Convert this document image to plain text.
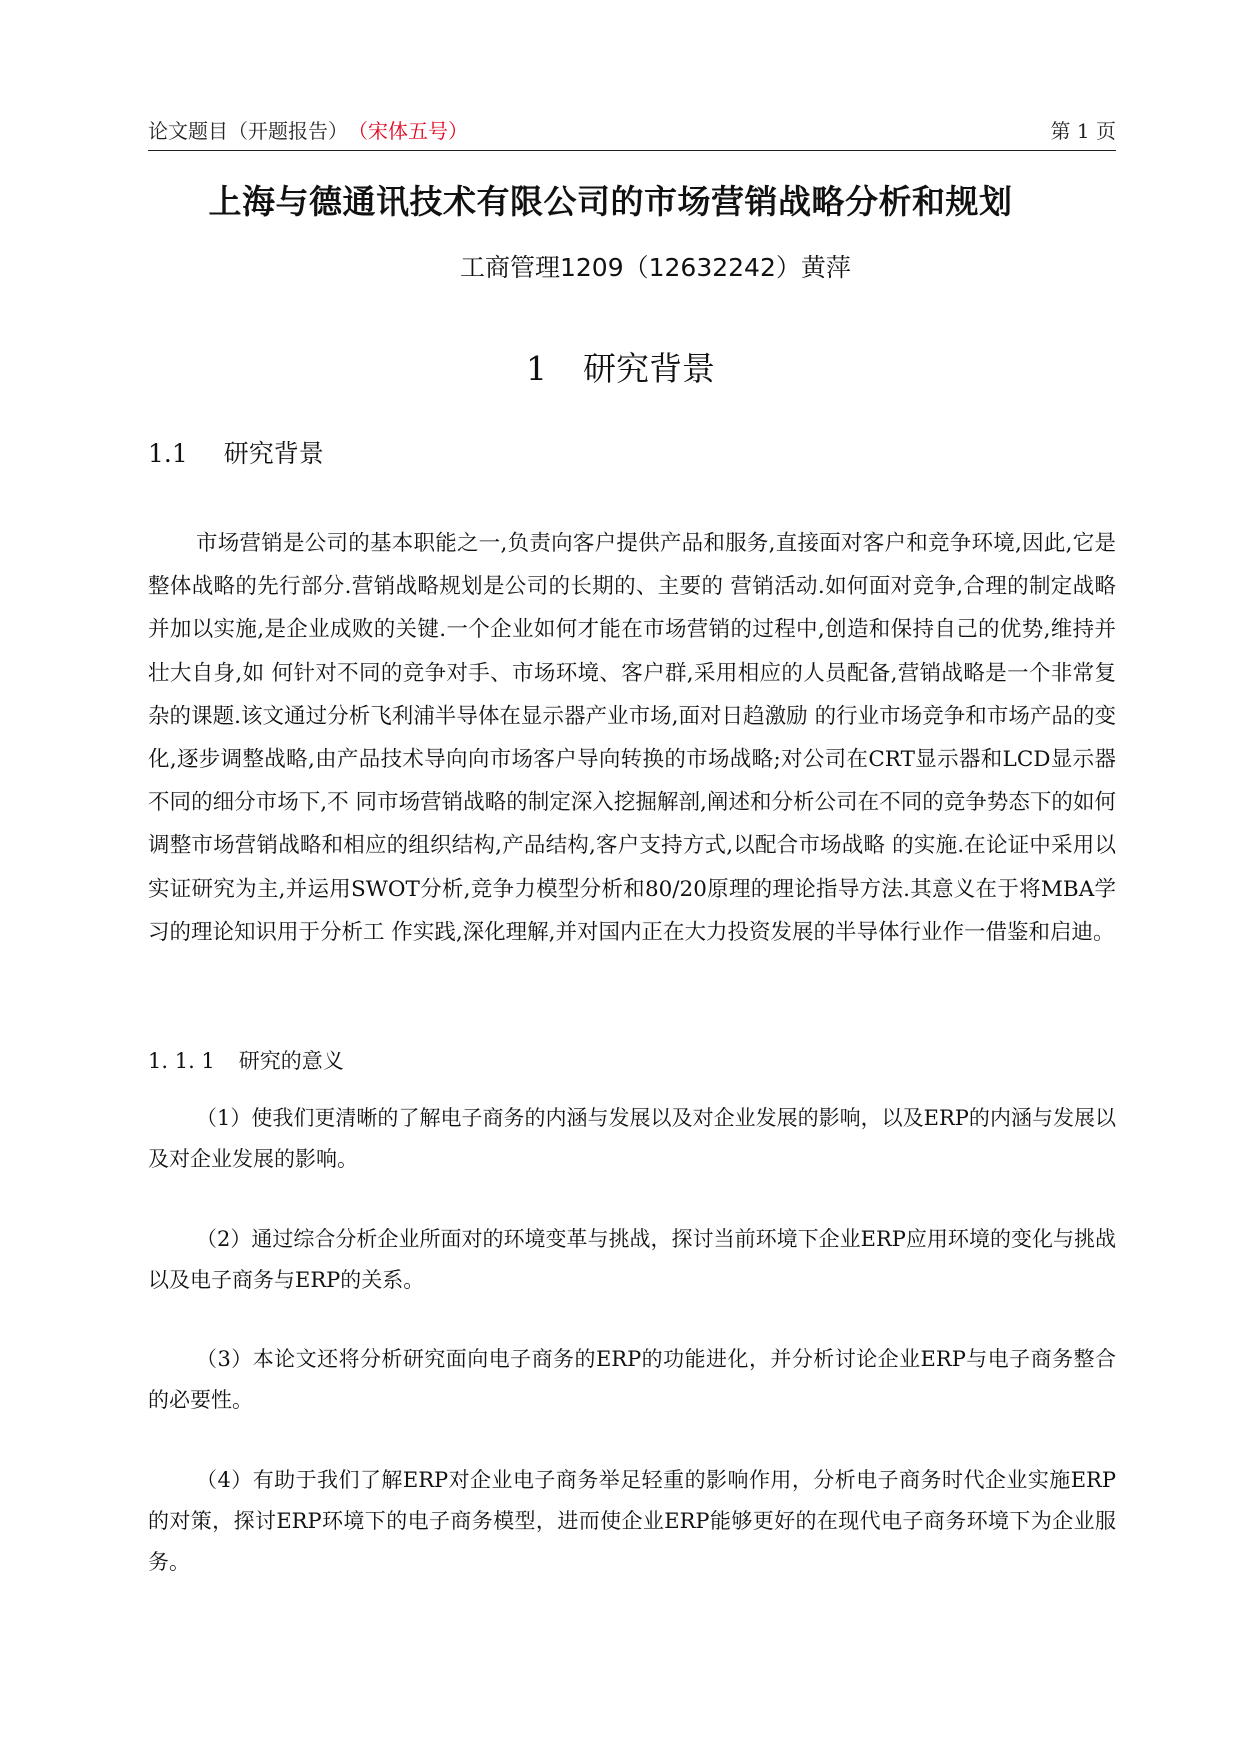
论文题目（开题报告） （宋体五号）	第 1 页
上海与德通讯技术有限公司的市场营销战略分析和规划
工商管理1209（12632242）黄萍
1 研究背景
1.1 研究背景

市场营销是公司的基本职能之一,负责向客户提供产品和服务,直接面对客户和竞争环境,因此,它是整体战略的先行部分.营销战略规划是公司的长期的、主要的 营销活动.如何面对竞争,合理的制定战略并加以实施,是企业成败的关键.一个企业如何才能在市场营销的过程中,创造和保持自己的优势,维持并壮大自身,如 何针对不同的竞争对手、市场环境、客户群,采用相应的人员配备,营销战略是一个非常复杂的课题.该文通过分析飞利浦半导体在显示器产业市场,面对日趋激励 的行业市场竞争和市场产品的变化,逐步调整战略,由产品技术导向向市场客户导向转换的市场战略;对公司在CRT显示器和LCD显示器不同的细分市场下,不 同市场营销战略的制定深入挖掘解剖,阐述和分析公司在不同的竞争势态下的如何调整市场营销战略和相应的组织结构,产品结构,客户支持方式,以配合市场战略 的实施.在论证中采用以实证研究为主,并运用SWOT分析,竞争力模型分析和80/20原理的理论指导方法.其意义在于将MBA学习的理论知识用于分析工 作实践,深化理解,并对国内正在大力投资发展的半导体行业作一借鉴和启迪。

1. 1. 1 研究的意义

（1）使我们更清晰的了解电子商务的内涵与发展以及对企业发展的影响，以及ERP的内涵与发展以及对企业发展的影响。

（2）通过综合分析企业所面对的环境变革与挑战，探讨当前环境下企业ERP应用环境的变化与挑战以及电子商务与ERP的关系。

（3）本论文还将分析研究面向电子商务的ERP的功能进化，并分析讨论企业ERP与电子商务整合的必要性。

（4）有助于我们了解ERP对企业电子商务举足轻重的影响作用，分析电子商务时代企业实施ERP的对策，探讨ERP环境下的电子商务模型，进而使企业ERP能够更好的在现代电子商务环境下为企业服务。
